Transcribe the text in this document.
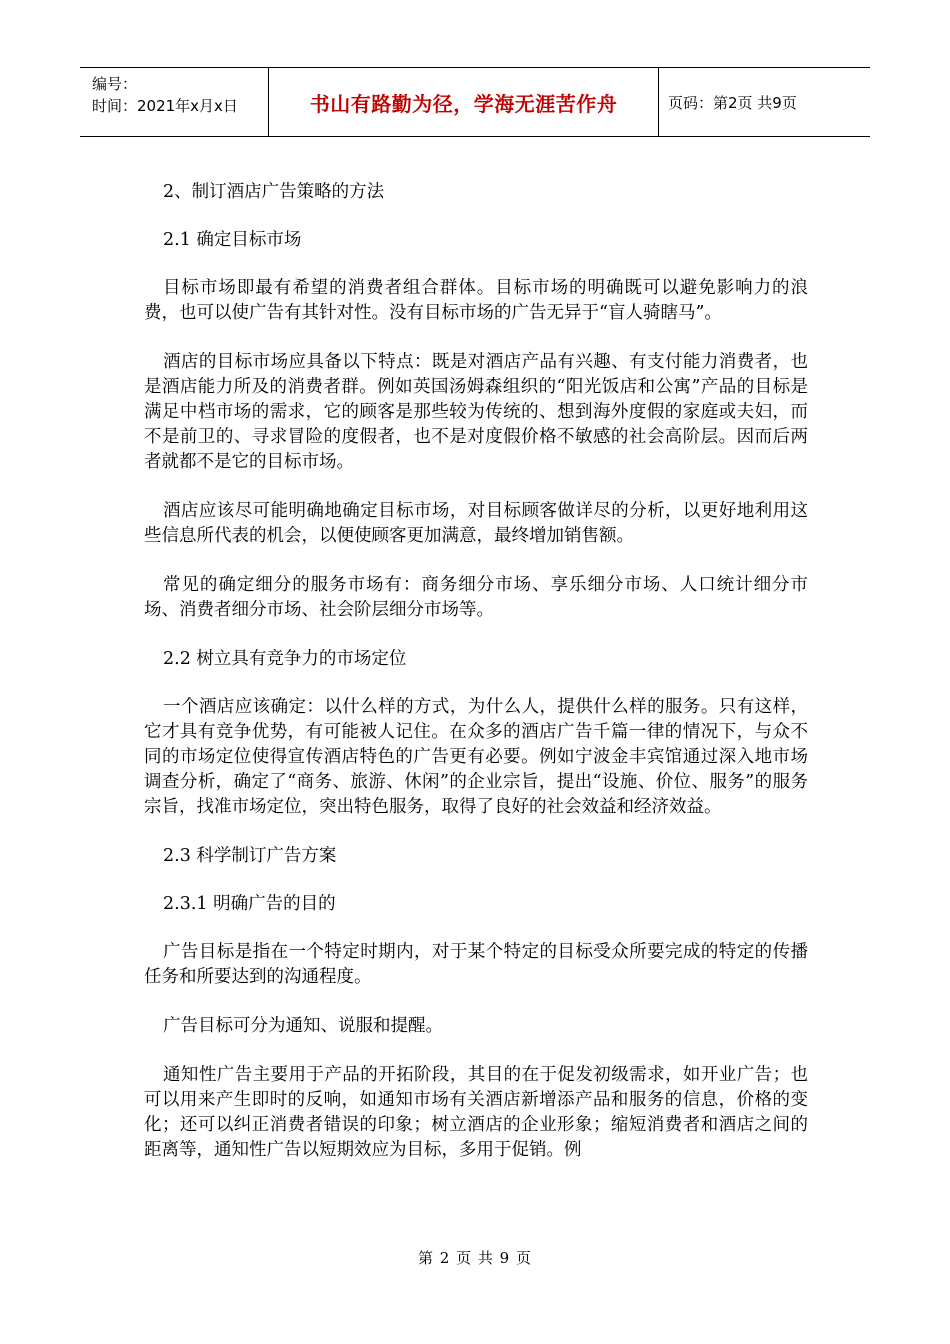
编号：
时间：2021年x月x日	书山有路勤为径，学海无涯苦作舟	页码：第2页 共9页

2、制订酒店广告策略的方法

2.1 确定目标市场

目标市场即最有希望的消费者组合群体。目标市场的明确既可以避免影响力的浪费，也可以使广告有其针对性。没有目标市场的广告无异于“盲人骑瞎马”。

酒店的目标市场应具备以下特点：既是对酒店产品有兴趣、有支付能力消费者，也是酒店能力所及的消费者群。例如英国汤姆森组织的“阳光饭店和公寓”产品的目标是满足中档市场的需求，它的顾客是那些较为传统的、想到海外度假的家庭或夫妇，而不是前卫的、寻求冒险的度假者，也不是对度假价格不敏感的社会高阶层。因而后两者就都不是它的目标市场。

酒店应该尽可能明确地确定目标市场，对目标顾客做详尽的分析，以更好地利用这些信息所代表的机会，以便使顾客更加满意，最终增加销售额。

常见的确定细分的服务市场有：商务细分市场、享乐细分市场、人口统计细分市场、消费者细分市场、社会阶层细分市场等。

2.2 树立具有竞争力的市场定位

一个酒店应该确定：以什么样的方式，为什么人，提供什么样的服务。只有这样，它才具有竞争优势，有可能被人记住。在众多的酒店广告千篇一律的情况下，与众不同的市场定位使得宣传酒店特色的广告更有必要。例如宁波金丰宾馆通过深入地市场调查分析，确定了“商务、旅游、休闲”的企业宗旨，提出“设施、价位、服务”的服务宗旨，找准市场定位，突出特色服务，取得了良好的社会效益和经济效益。

2.3 科学制订广告方案

2.3.1 明确广告的目的

广告目标是指在一个特定时期内，对于某个特定的目标受众所要完成的特定的传播任务和所要达到的沟通程度。

广告目标可分为通知、说服和提醒。

通知性广告主要用于产品的开拓阶段，其目的在于促发初级需求，如开业广告；也可以用来产生即时的反响，如通知市场有关酒店新增添产品和服务的信息，价格的变化；还可以纠正消费者错误的印象；树立酒店的企业形象；缩短消费者和酒店之间的距离等，通知性广告以短期效应为目标，多用于促销。例

第 2 页 共 9 页
